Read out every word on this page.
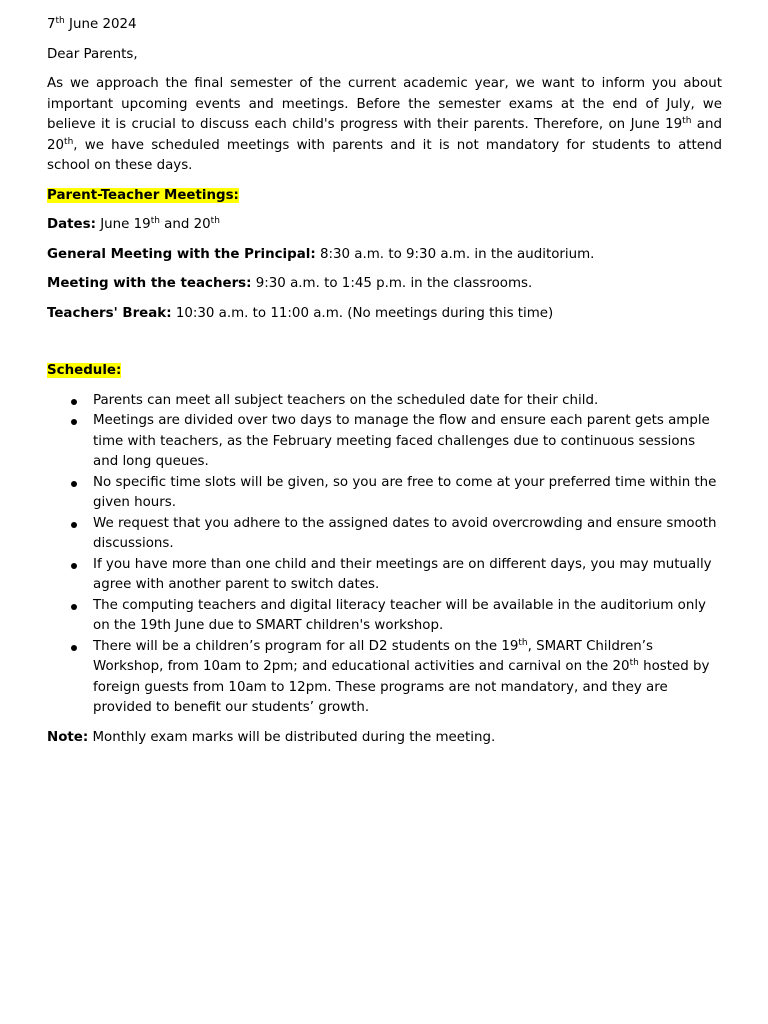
7th June 2024

Dear Parents,

As we approach the final semester of the current academic year, we want to inform you about important upcoming events and meetings. Before the semester exams at the end of July, we believe it is crucial to discuss each child's progress with their parents. Therefore, on June 19th and 20th, we have scheduled meetings with parents and it is not mandatory for students to attend school on these days.

Parent-Teacher Meetings:

Dates: June 19th and 20th

General Meeting with the Principal: 8:30 a.m. to 9:30 a.m. in the auditorium.

Meeting with the teachers: 9:30 a.m. to 1:45 p.m. in the classrooms.

Teachers' Break: 10:30 a.m. to 11:00 a.m. (No meetings during this time)

Schedule:

Parents can meet all subject teachers on the scheduled date for their child.
Meetings are divided over two days to manage the flow and ensure each parent gets ample time with teachers, as the February meeting faced challenges due to continuous sessions and long queues.
No specific time slots will be given, so you are free to come at your preferred time within the given hours.
We request that you adhere to the assigned dates to avoid overcrowding and ensure smooth discussions.
If you have more than one child and their meetings are on different days, you may mutually agree with another parent to switch dates.
The computing teachers and digital literacy teacher will be available in the auditorium only on the 19th June due to SMART children's workshop.
There will be a children’s program for all D2 students on the 19th, SMART Children’s Workshop, from 10am to 2pm; and educational activities and carnival on the 20th hosted by foreign guests from 10am to 12pm. These programs are not mandatory, and they are provided to benefit our students’ growth.

Note: Monthly exam marks will be distributed during the meeting.
